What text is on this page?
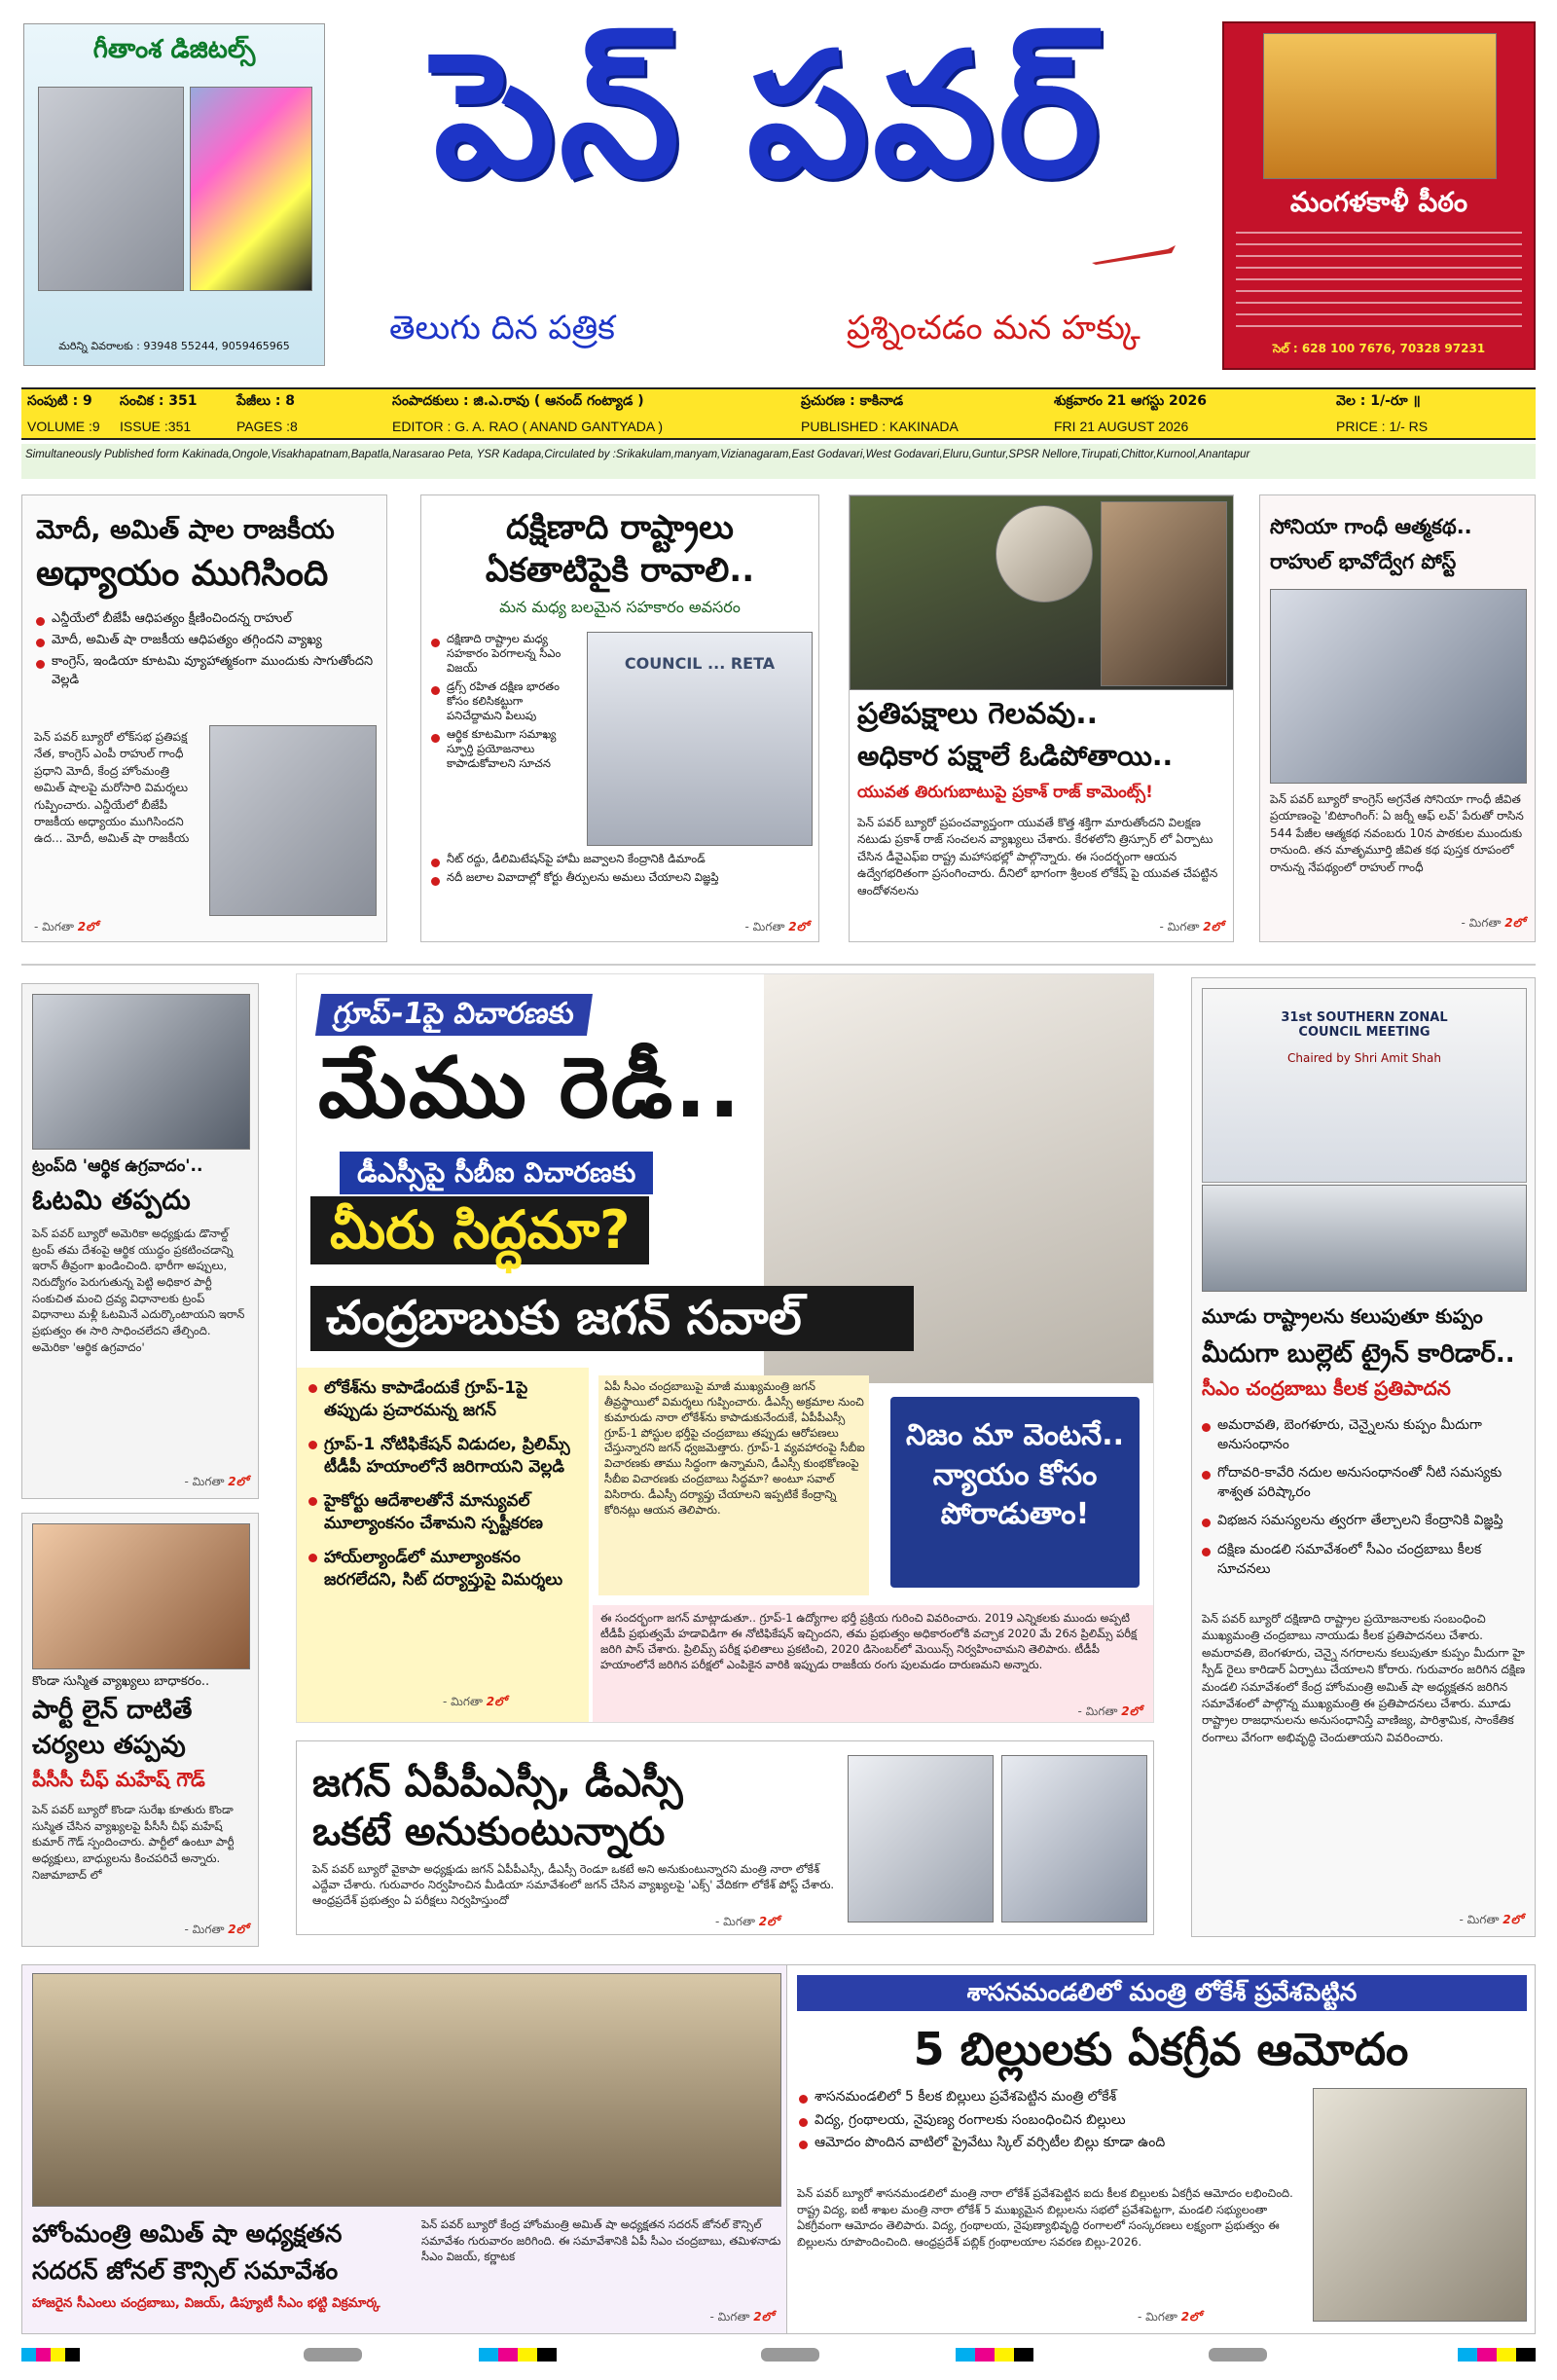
గీతాంశ డిజిటల్స్
మరిన్ని వివరాలకు : 93948 55244, 9059465965
పెన్ పవర్
తెలుగు దిన పత్రిక	ప్రశ్నించడం మన హక్కు
మంగళకాళీ పీఠం
సెల్ : 628 100 7676, 70328 97231
సంపుటి : 9	సంచిక : 351	పేజీలు : 8	సంపాదకులు : జి.ఎ.రావు ( ఆనంద్ గంట్యాడ )	ప్రచురణ : కాకినాడ	శుక్రవారం 21 ఆగస్టు 2026	వెల : 1/-రూ ॥
VOLUME :9	ISSUE :351	PAGES :8	EDITOR : G. A. RAO ( ANAND GANTYADA )	PUBLISHED : KAKINADA	FRI 21 AUGUST 2026	PRICE : 1/- RS
Simultaneously Published form Kakinada,Ongole,Visakhapatnam,Bapatla,Narasarao Peta, YSR Kadapa,Circulated by :Srikakulam,manyam,Vizianagaram,East Godavari,West Godavari,Eluru,Guntur,SPSR Nellore,Tirupati,Chittor,Kurnool,Anantapur
మోదీ, అమిత్ షాల రాజకీయ
అధ్యాయం ముగిసింది
ఎన్డీయేలో బీజేపీ ఆధిపత్యం క్షీణించిందన్న రాహుల్
మోదీ, అమిత్ షా రాజకీయ ఆధిపత్యం తగ్గిందని వ్యాఖ్య
కాంగ్రెస్, ఇండియా కూటమి వ్యూహాత్మకంగా ముందుకు సాగుతోందని వెల్లడి
పెన్ పవర్ బ్యూరో లోక్‌సభ ప్రతిపక్ష నేత, కాంగ్రెస్ ఎంపీ రాహుల్ గాంధీ ప్రధాని మోదీ, కేంద్ర హోంమంత్రి అమిత్ షాలపై మరోసారి విమర్శలు గుప్పించారు. ఎన్డీయేలో బీజేపీ రాజకీయ అధ్యాయం ముగిసిందని ఉద... మోదీ, అమిత్ షా రాజకీయ
- మిగతా 2లో
దక్షిణాది రాష్ట్రాలు
ఏకతాటిపైకి రావాలి..
మన మధ్య బలమైన సహకారం అవసరం
దక్షిణాది రాష్ట్రాల మధ్య సహకారం పెరగాలన్న సీఎం విజయ్
డ్రగ్స్ రహిత దక్షిణ భారతం కోసం కలిసికట్టుగా పనిచేద్దామని పిలుపు
ఆర్థిక కూటమిగా సమాఖ్య స్ఫూర్తి ప్రయోజనాలు కాపాడుకోవాలని సూచన
COUNCIL ... RETA
నీట్ రద్దు, డీలిమిటేషన్‌పై హామీ జవ్వాలని కేంద్రానికి డిమాండ్
నదీ జలాల వివాదాల్లో కోర్టు తీర్పులను అమలు చేయాలని విజ్ఞప్తి
- మిగతా 2లో
ప్రతిపక్షాలు గెలవవు..
అధికార పక్షాలే ఓడిపోతాయి..
యువత తిరుగుబాటుపై ప్రకాశ్ రాజ్ కామెంట్స్!
పెన్ పవర్ బ్యూరో ప్రపంచవ్యాప్తంగా యువతే కొత్త శక్తిగా మారుతోందని విలక్షణ నటుడు ప్రకాశ్ రాజ్ సంచలన వ్యాఖ్యలు చేశారు. కేరళలోని త్రిస్సూర్ లో ఏర్పాటు చేసిన డీవైఎఫ్ఐ రాష్ట్ర మహాసభల్లో పాల్గొన్నారు. ఈ సందర్భంగా ఆయన ఉద్వేగభరితంగా ప్రసంగించారు. దీనిలో భాగంగా శ్రీలంక లోకేష్ పై యువత చేపట్టిన ఆందోళనలను
- మిగతా 2లో
సోనియా గాంధీ ఆత్మకథ..
రాహుల్ భావోద్వేగ పోస్ట్
పెన్ పవర్ బ్యూరో కాంగ్రెస్ అగ్రనేత సోనియా గాంధీ జీవిత ప్రయాణంపై 'బిటాంగింగ్: ఏ జర్నీ ఆఫ్ లవ్' పేరుతో రాసిన 544 పేజీల ఆత్మకథ నవంబరు 10న పాఠకుల ముందుకు రానుంది. తన మాతృమూర్తి జీవిత కథ పుస్తక రూపంలో రానున్న నేపథ్యంలో రాహుల్ గాంధీ
- మిగతా 2లో
ట్రంప్‌ది 'ఆర్థిక ఉగ్రవాదం'..
ఓటమి తప్పదు
పెన్ పవర్ బ్యూరో అమెరికా అధ్యక్షుడు డొనాల్డ్ ట్రంప్ తమ దేశంపై ఆర్థిక యుద్ధం ప్రకటించడాన్ని ఇరాన్ తీవ్రంగా ఖండించింది. భారీగా అప్పులు, నిరుద్యోగం పెరుగుతున్న పెట్టి అధికార పార్టీ సంకుచిత మంచి ద్రవ్య విధానాలకు ట్రంప్ విధానాలు మళ్లీ ఓటమినే ఎదుర్కొంటాయని ఇరాన్ ప్రభుత్వం ఈ సారి సాధించలేదని తేల్చింది. అమెరికా 'ఆర్థిక ఉగ్రవాదం'
- మిగతా 2లో
కొండా సుస్మిత వ్యాఖ్యలు బాధాకరం..
పార్టీ లైన్ దాటితే
చర్యలు తప్పవు
పీసీసీ చీఫ్ మహేష్ గౌడ్
పెన్ పవర్ బ్యూరో కొండా సురేఖ కూతురు కొండా సుస్మిత చేసిన వ్యాఖ్యలపై పీసీసీ చీఫ్ మహేష్ కుమార్ గౌడ్ స్పందించారు. పార్టీలో ఉంటూ పార్టీ అధ్యక్షులు, బాధ్యులను కించపరిచే అన్నారు. నిజామాబాద్ లో
- మిగతా 2లో
గ్రూప్-1పై విచారణకు
మేము రెడీ..
డీఎస్సీపై సీబీఐ విచారణకు
మీరు సిద్ధమా?
చంద్రబాబుకు జగన్ సవాల్
లోకేశ్‌ను కాపాడేందుకే గ్రూప్-1పై తప్పుడు ప్రచారమన్న జగన్
గ్రూప్-1 నోటిఫికేషన్ విడుదల, ప్రిలిమ్స్ టీడీపీ హయాంలోనే జరిగాయని వెల్లడి
హైకోర్టు ఆదేశాలతోనే మాన్యువల్ మూల్యాంకనం చేశామని స్పష్టీకరణ
హాయ్‌ల్యాండ్‌లో మూల్యాంకనం జరగలేదని, సిట్ దర్యాప్తుపై విమర్శలు
- మిగతా 2లో
ఏపీ సీఎం చంద్రబాబుపై మాజీ ముఖ్యమంత్రి జగన్ తీవ్రస్థాయిలో విమర్శలు గుప్పించారు. డీఎస్సీ అక్రమాల నుంచి కుమారుడు నారా లోకేశ్‌ను కాపాడుకునేందుకే, ఏపీపీఎస్సీ గ్రూప్-1 పోస్టుల భర్తీపై చంద్రబాబు తప్పుడు ఆరోపణలు చేస్తున్నారని జగన్ ధ్వజమెత్తారు. గ్రూప్-1 వ్యవహారంపై సీబీఐ విచారణకు తాము సిద్ధంగా ఉన్నామని, డీఎస్సీ కుంభకోణంపై సీబీఐ విచారణకు చంద్రబాబు సిద్ధమా? అంటూ సవాల్ విసిరారు. డీఎస్సీ దర్యాప్తు చేయాలని ఇప్పటికే కేంద్రాన్ని కోరినట్లు ఆయన తెలిపారు.
నిజం మా వెంటనే.. న్యాయం కోసం పోరాడుతాం!
ఈ సందర్భంగా జగన్ మాట్లాడుతూ.. గ్రూప్-1 ఉద్యోగాల భర్తీ ప్రక్రియ గురించి వివరించారు. 2019 ఎన్నికలకు ముందు అప్పటి టీడీపీ ప్రభుత్వమే హడావిడిగా ఈ నోటిఫికేషన్ ఇచ్చిందని, తమ ప్రభుత్వం అధికారంలోకి వచ్చాక 2020 మే 26న ప్రిలిమ్స్ పరీక్ష జరిగి పాస్ చేశారు. ప్రిలిమ్స్ పరీక్ష ఫలితాలు ప్రకటించి, 2020 డిసెంబర్‌లో మెయిన్స్ నిర్వహించామని తెలిపారు. టీడీపీ హయాంలోనే జరిగిన పరీక్షలో ఎంపికైన వారికి ఇప్పుడు రాజకీయ రంగు పులమడం దారుణమని అన్నారు.
- మిగతా 2లో
జగన్ ఏపీపీఎస్సీ, డీఎస్సీ
ఒకటే అనుకుంటున్నారు
పెన్ పవర్ బ్యూరో వైకాపా అధ్యక్షుడు జగన్ ఏపీపీఎస్సీ, డీఎస్సీ రెండూ ఒకటే అని అనుకుంటున్నారని మంత్రి నారా లోకేశ్ ఎద్దేవా చేశారు. గురువారం నిర్వహించిన మీడియా సమావేశంలో జగన్ చేసిన వ్యాఖ్యలపై 'ఎక్స్' వేదికగా లోకేశ్ పోస్ట్ చేశారు. ఆంధ్రప్రదేశ్ ప్రభుత్వం ఏ పరీక్షలు నిర్వహిస్తుందో
- మిగతా 2లో
31st SOUTHERN ZONAL COUNCIL MEETING
Chaired by Shri Amit Shah
మూడు రాష్ట్రాలను కలుపుతూ కుప్పం
మీదుగా బుల్లెట్ ట్రైన్ కారిడార్..
సీఎం చంద్రబాబు కీలక ప్రతిపాదన
అమరావతి, బెంగళూరు, చెన్నైలను కుప్పం మీదుగా అనుసంధానం
గోదావరి-కావేరి నదుల అనుసంధానంతో నీటి సమస్యకు శాశ్వత పరిష్కారం
విభజన సమస్యలను త్వరగా తేల్చాలని కేంద్రానికి విజ్ఞప్తి
దక్షిణ మండలి సమావేశంలో సీఎం చంద్రబాబు కీలక సూచనలు
పెన్ పవర్ బ్యూరో దక్షిణాది రాష్ట్రాల ప్రయోజనాలకు సంబంధించి ముఖ్యమంత్రి చంద్రబాబు నాయుడు కీలక ప్రతిపాదనలు చేశారు. అమరావతి, బెంగళూరు, చెన్నై నగరాలను కలుపుతూ కుప్పం మీదుగా హై స్పీడ్ రైలు కారిడార్ ఏర్పాటు చేయాలని కోరారు. గురువారం జరిగిన దక్షిణ మండలి సమావేశంలో కేంద్ర హోంమంత్రి అమిత్ షా అధ్యక్షతన జరిగిన సమావేశంలో పాల్గొన్న ముఖ్యమంత్రి ఈ ప్రతిపాదనలు చేశారు. మూడు రాష్ట్రాల రాజధానులను అనుసంధానిస్తే వాణిజ్య, పారిశ్రామిక, సాంకేతిక రంగాలు వేగంగా అభివృద్ధి చెందుతాయని వివరించారు.
- మిగతా 2లో
హోంమంత్రి అమిత్ షా అధ్యక్షతన
సదరన్ జోనల్ కౌన్సిల్ సమావేశం
హాజరైన సీఎంలు చంద్రబాబు, విజయ్, డిప్యూటీ సీఎం భట్టి విక్రమార్క
పెన్ పవర్ బ్యూరో కేంద్ర హోంమంత్రి అమిత్ షా అధ్యక్షతన సదరన్ జోనల్ కౌన్సిల్ సమావేశం గురువారం జరిగింది. ఈ సమావేశానికి ఏపీ సీఎం చంద్రబాబు, తమిళనాడు సీఎం విజయ్, కర్ణాటక
- మిగతా 2లో
శాసనమండలిలో మంత్రి లోకేశ్ ప్రవేశపెట్టిన
5 బిల్లులకు ఏకగ్రీవ ఆమోదం
శాసనమండలిలో 5 కీలక బిల్లులు ప్రవేశపెట్టిన మంత్రి లోకేశ్
విద్య, గ్రంథాలయ, నైపుణ్య రంగాలకు సంబంధించిన బిల్లులు
ఆమోదం పొందిన వాటిలో ప్రైవేటు స్కిల్ వర్సిటీల బిల్లు కూడా ఉంది
పెన్ పవర్ బ్యూరో శాసనమండలిలో మంత్రి నారా లోకేశ్ ప్రవేశపెట్టిన ఐదు కీలక బిల్లులకు ఏకగ్రీవ ఆమోదం లభించింది. రాష్ట్ర విద్య, ఐటీ శాఖల మంత్రి నారా లోకేశ్ 5 ముఖ్యమైన బిల్లులను సభలో ప్రవేశపెట్టగా, మండలి సభ్యులంతా ఏకగ్రీవంగా ఆమోదం తెలిపారు. విద్య, గ్రంథాలయ, నైపుణ్యాభివృద్ధి రంగాలలో సంస్కరణలు లక్ష్యంగా ప్రభుత్వం ఈ బిల్లులను రూపొందించింది. ఆంధ్రప్రదేశ్ పబ్లిక్ గ్రంథాలయాల సవరణ బిల్లు-2026.
- మిగతా 2లో
